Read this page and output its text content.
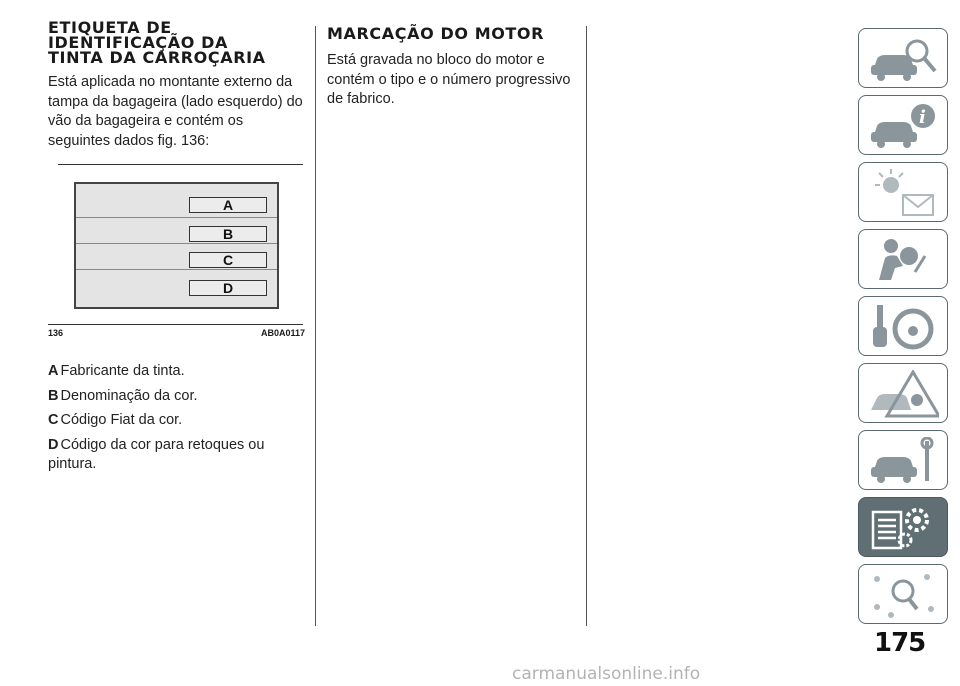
ETIQUETA DE IDENTIFICAÇÃO DA TINTA DA CARROÇARIA

Está aplicada no montante externo da tampa da bagageira (lado esquerdo) do vão da bagageira e contém os seguintes dados fig. 136:

A
B
C
D
136	AB0A0117
A Fabricante da tinta.
B Denominação da cor.
C Código Fiat da cor.
D Código da cor para retoques ou pintura.
MARCAÇÃO DO MOTOR

Está gravada no bloco do motor e contém o tipo e o número progressivo de fabrico.

i
175
carmanualsonline.info
